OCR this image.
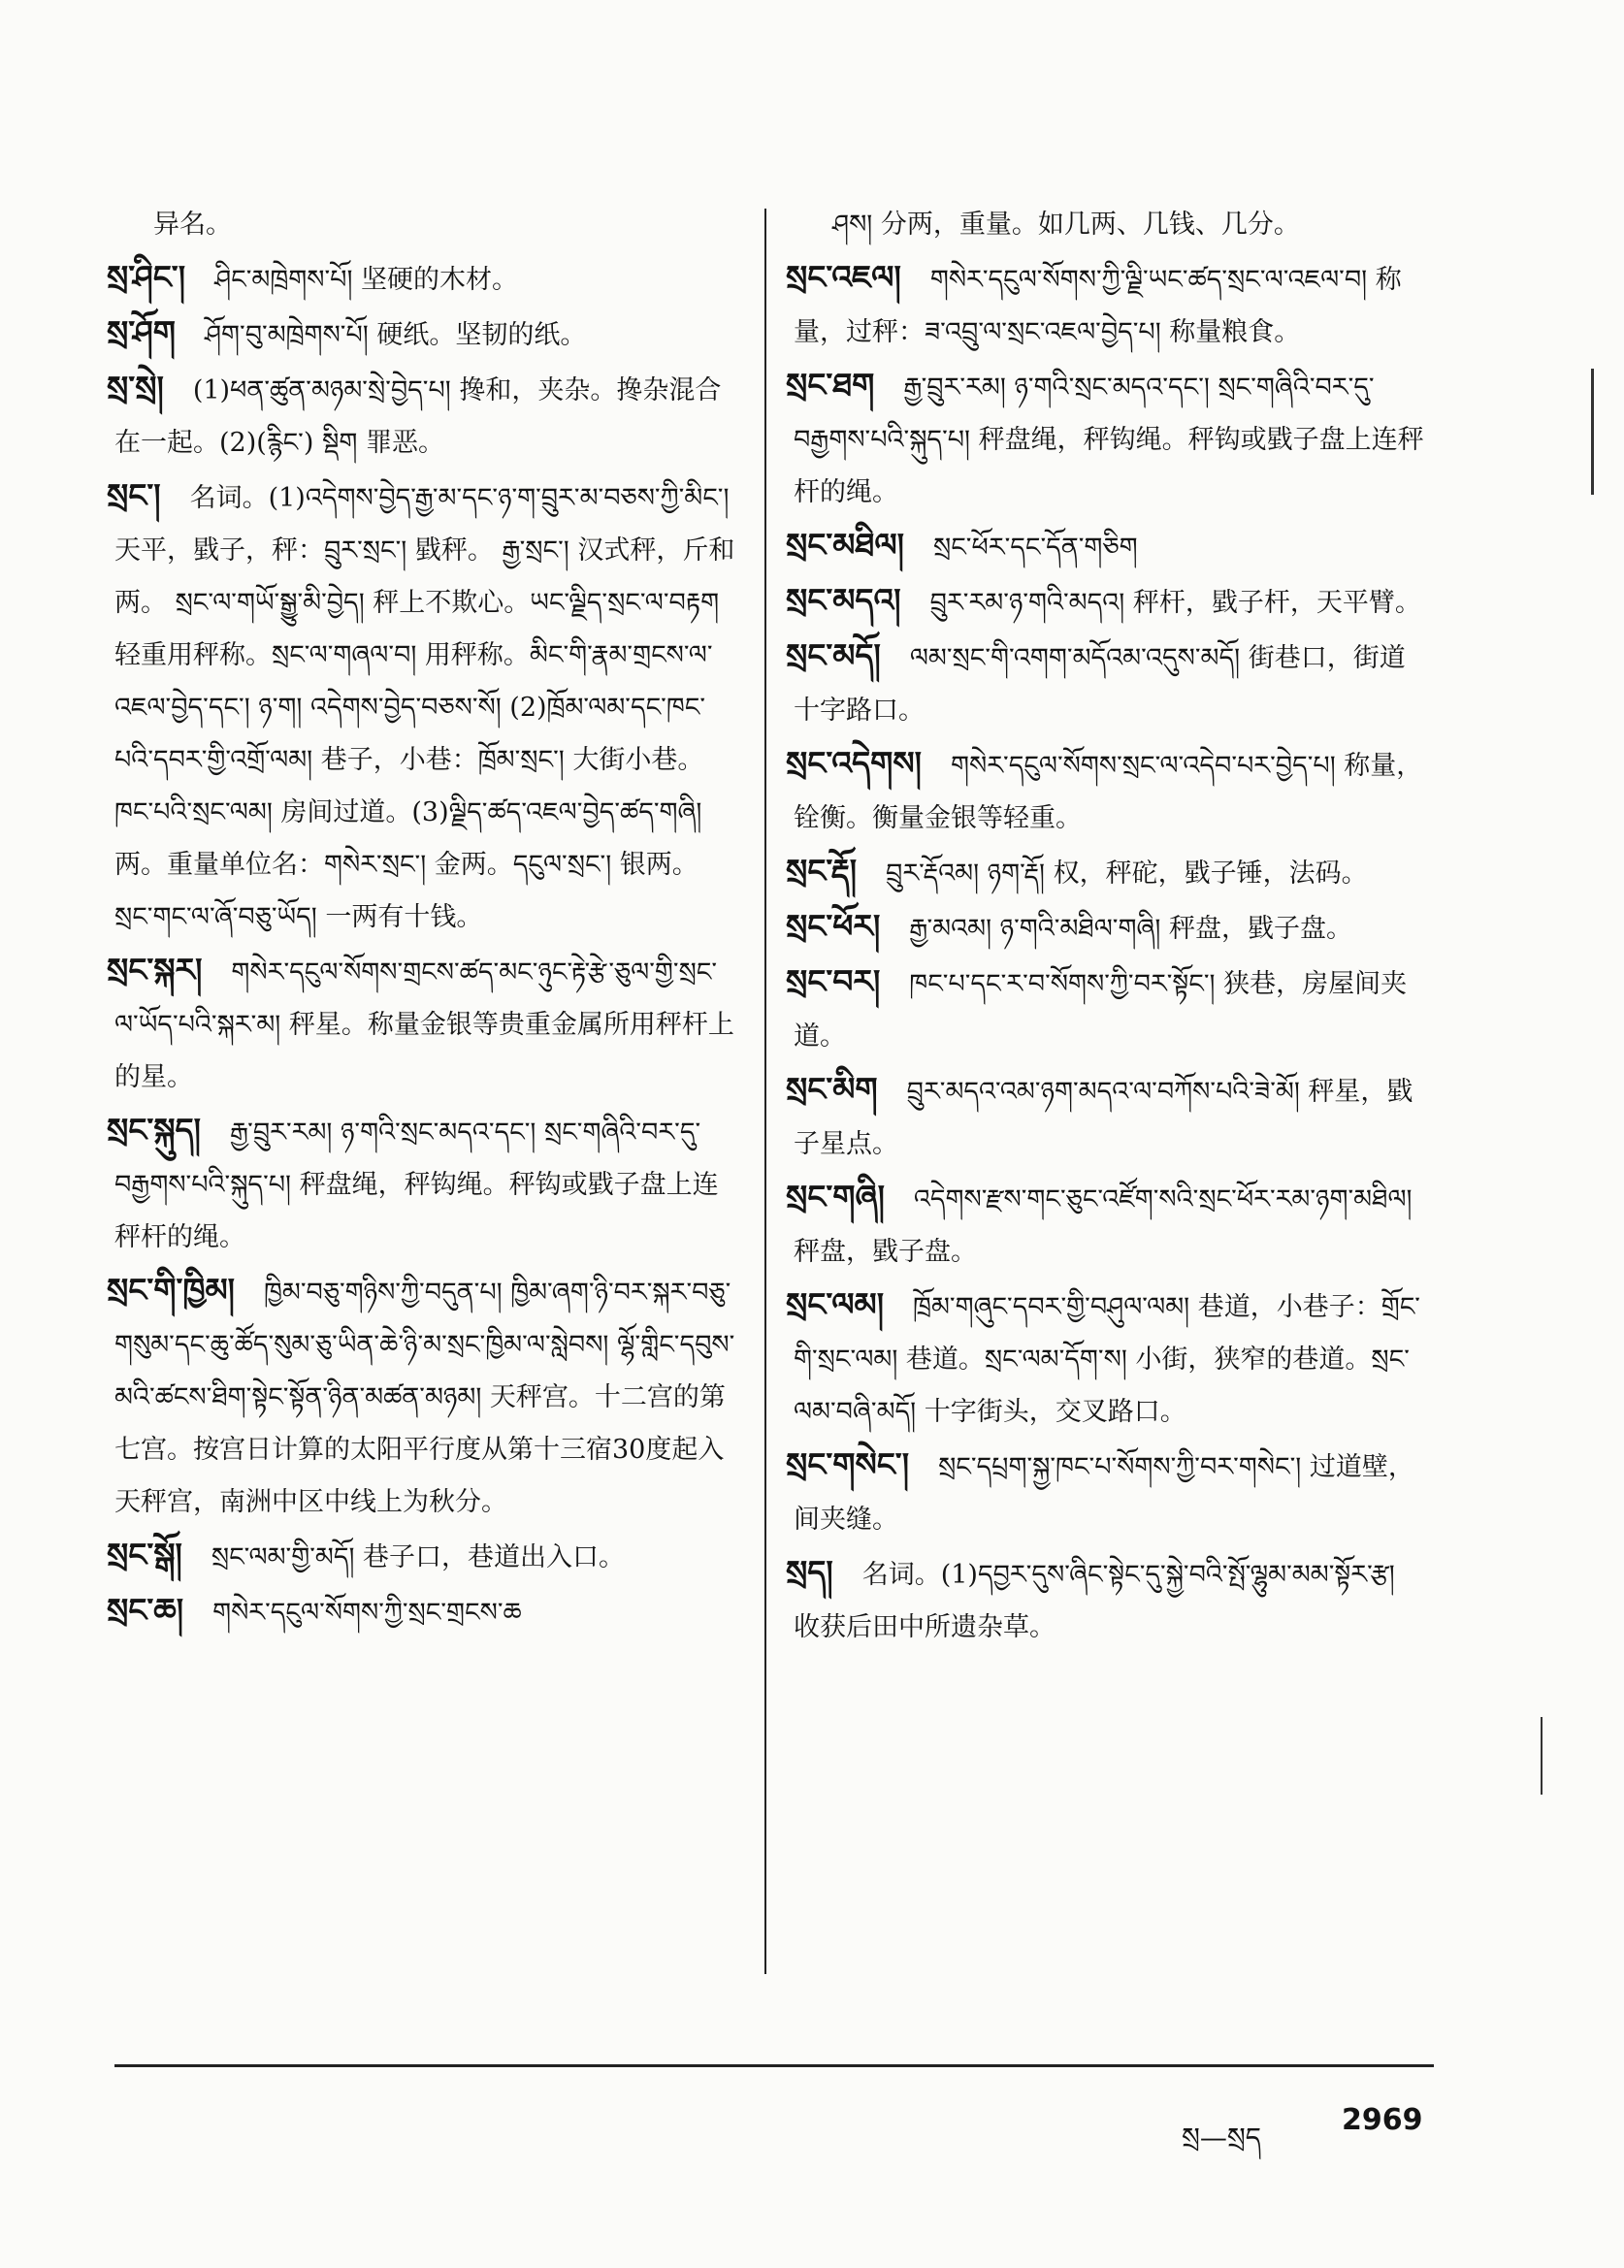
异名。

སྲ་ཤིང་། ཤིང་མཁྲེགས་པོ། 坚硬的木材。

སྲ་ཤོག ཤོག་བུ་མཁྲེགས་པོ། 硬纸。坚韧的纸。

སྲ་སྲེ། (1)ཕན་ཚུན་མཉམ་སྲེ་བྱེད་པ། 搀和，夹杂。搀杂混合在一起。(2)(རྙིང་) སྡིག 罪恶。

སྲང་། 名词。(1)འདེགས་བྱེད་རྒྱ་མ་དང་ཉ་ག་བྲུར་མ་བཅས་ཀྱི་མིང་། 天平，戥子，秤：བྲུར་སྲང་། 戥秤。 རྒྱ་སྲང་། 汉式秤，斤和两。 སྲང་ལ་གཡོ་སྒྱུ་མི་བྱེད། 秤上不欺心。ཡང་ལྗིད་སྲང་ལ་བརྟག 轻重用秤称。སྲང་ལ་གཞལ་བ། 用秤称。མིང་གི་རྣམ་གྲངས་ལ་འཇལ་བྱེད་དང་། ཉ་ག། འདེགས་བྱེད་བཅས་སོ། (2)ཁྲོམ་ལམ་དང་ཁང་པའི་དབར་གྱི་འགྲོ་ལམ། 巷子，小巷：ཁྲོམ་སྲང་། 大街小巷。ཁང་པའི་སྲང་ལམ། 房间过道。(3)ལྗིད་ཚད་འཇལ་བྱེད་ཚད་གཞི། 两。重量单位名：གསེར་སྲང་། 金两。དངུལ་སྲང་། 银两。སྲང་གང་ལ་ཞོ་བཅུ་ཡོད། 一两有十钱。

སྲང་སྐར། གསེར་དངུལ་སོགས་གྲངས་ཚད་མང་ཉུང་རྟེ་རྩེ་ཅུལ་གྱི་སྲང་ལ་ཡོད་པའི་སྐར་མ། 秤星。称量金银等贵重金属所用秤杆上的星。

སྲང་སྐུད། རྒྱ་བྲུར་རམ། ཉ་གའི་སྲང་མདའ་དང་། སྲང་གཞིའི་བར་དུ་བརྒྱགས་པའི་སྐུད་པ། 秤盘绳，秤钩绳。秤钩或戥子盘上连秤杆的绳。

སྲང་གི་ཁྱིམ། ཁྱིམ་བཅུ་གཉིས་ཀྱི་བདུན་པ། ཁྱིམ་ཞག་ཉི་བར་སྐར་བཅུ་གསུམ་དང་ཆུ་ཚོད་སུམ་ཅུ་ཡིན་ཆེ་ཉི་མ་སྲང་ཁྱིམ་ལ་སླེབས། ལྷོ་གླིང་དབུས་མའི་ཚངས་ཐིག་སྟེང་སྟོན་ཉིན་མཚན་མཉམ། 天秤宫。十二宫的第七宫。按宫日计算的太阳平行度从第十三宿30度起入天秤宫，南洲中区中线上为秋分。

སྲང་སྒོ། སྲང་ལམ་གྱི་མདོ། 巷子口，巷道出入口。

སྲང་ཆ། གསེར་དངུལ་སོགས་ཀྱི་སྲང་གྲངས་ཆ

ཤས། 分两，重量。如几两、几钱、几分。

སྲང་འཇལ། གསེར་དངུལ་སོགས་ཀྱི་ལྗི་ཡང་ཚད་སྲང་ལ་འཇལ་བ། 称量，过秤：ཟ་འབྲུ་ལ་སྲང་འཇལ་བྱེད་པ། 称量粮食。

སྲང་ཐག རྒྱ་བྲུར་རམ། ཉ་གའི་སྲང་མདའ་དང་། སྲང་གཞིའི་བར་དུ་བརྒྱགས་པའི་སྐུད་པ། 秤盘绳，秤钩绳。秤钩或戥子盘上连秤杆的绳。

སྲང་མཐིལ། སྲང་ཕོར་དང་དོན་གཅིག

སྲང་མདའ། བྲུར་རམ་ཉ་གའི་མདའ། 秤杆，戥子杆，天平臂。

སྲང་མདོ། ལམ་སྲང་གི་འགག་མདོའམ་འདུས་མདོ། 街巷口，街道十字路口。

སྲང་འདེགས། གསེར་དངུལ་སོགས་སྲང་ལ་འདེབ་པར་བྱེད་པ། 称量，铨衡。衡量金银等轻重。

སྲང་རྡོ། བྲུར་རྡོའམ། ཉག་རྡོ། 权，秤砣，戥子锤，法码。

སྲང་ཕོར། རྒྱ་མའམ། ཉ་གའི་མཐིལ་གཞི། 秤盘，戥子盘。

སྲང་བར། ཁང་པ་དང་ར་བ་སོགས་ཀྱི་བར་སྟོང་། 狭巷，房屋间夹道。

སྲང་མིག བྲུར་མདའ་འམ་ཉག་མདའ་ལ་བཀོས་པའི་ཟེ་མོ། 秤星，戥子星点。

སྲང་གཞི། འདེགས་རྫས་གང་ཅུང་འཛོག་སའི་སྲང་ཕོར་རམ་ཉག་མཐིལ། 秤盘，戥子盘。

སྲང་ལམ། ཁྲོམ་གཞུང་དབར་གྱི་བཤུལ་ལམ། 巷道，小巷子：གྲོང་གི་སྲང་ལམ། 巷道。སྲང་ལམ་དོག་ས། 小街，狭窄的巷道。སྲང་ལམ་བཞི་མདོ། 十字街头，交叉路口。

སྲང་གསེང་། སྲང་དཔྲག་སྐྱ་ཁང་པ་སོགས་ཀྱི་བར་གསེང་། 过道壁，间夹缝。

སྲད། 名词。(1)དབྱར་དུས་ཞིང་སྟེང་དུ་སྐྱེ་བའི་སྤོ་ལྷུམ་མམ་སྟོར་རྩ། 收获后田中所遗杂草。

སྲ—སྲད
2969
